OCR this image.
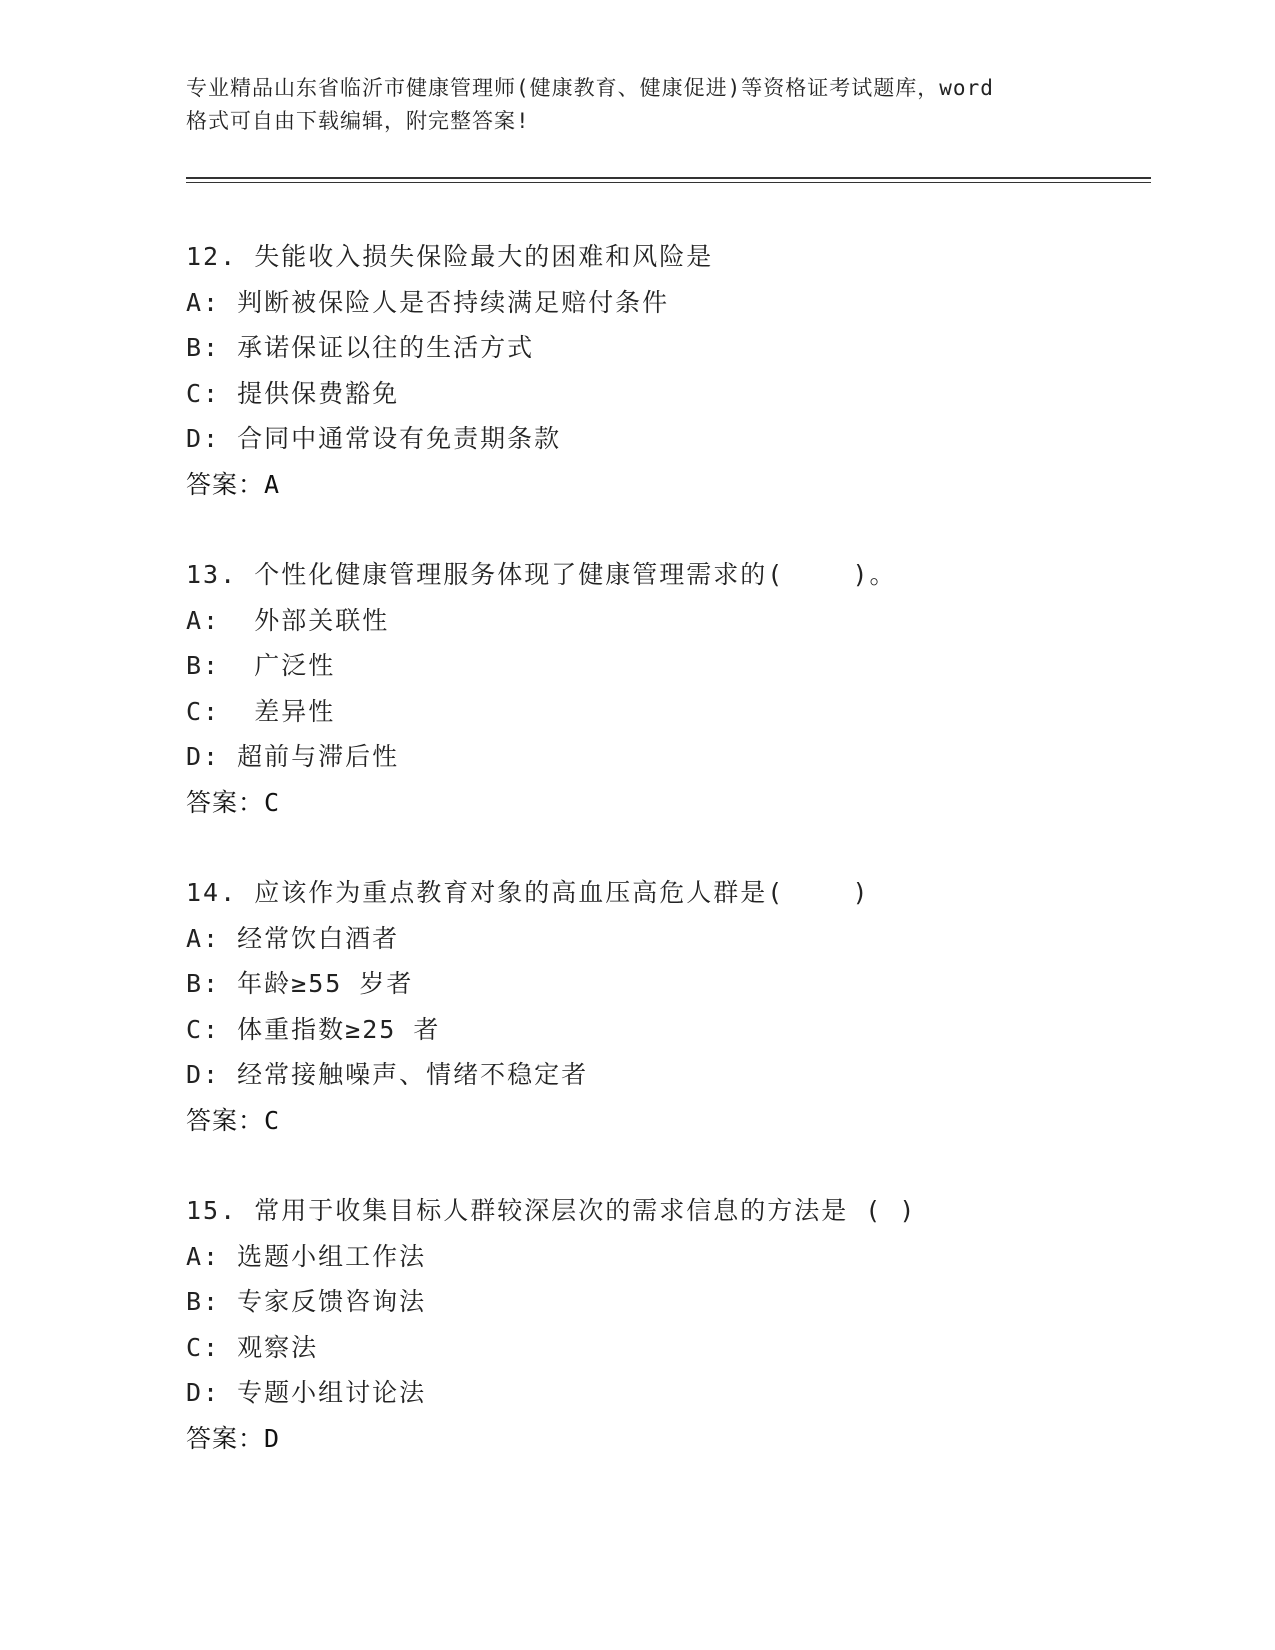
专业精品山东省临沂市健康管理师(健康教育、健康促进)等资格证考试题库，word
格式可自由下载编辑，附完整答案!
12. 失能收入损失保险最大的困难和风险是
A: 判断被保险人是否持续满足赔付条件
B: 承诺保证以往的生活方式
C: 提供保费豁免
D: 合同中通常设有免责期条款
答案：A
13. 个性化健康管理服务体现了健康管理需求的(    )。
A:  外部关联性
B:  广泛性
C:  差异性
D: 超前与滞后性
答案：C
14. 应该作为重点教育对象的高血压高危人群是(    )
A: 经常饮白酒者
B: 年龄≥55 岁者
C: 体重指数≥25 者
D: 经常接触噪声、情绪不稳定者
答案：C
15. 常用于收集目标人群较深层次的需求信息的方法是 ( )
A: 选题小组工作法
B: 专家反馈咨询法
C: 观察法
D: 专题小组讨论法
答案：D
